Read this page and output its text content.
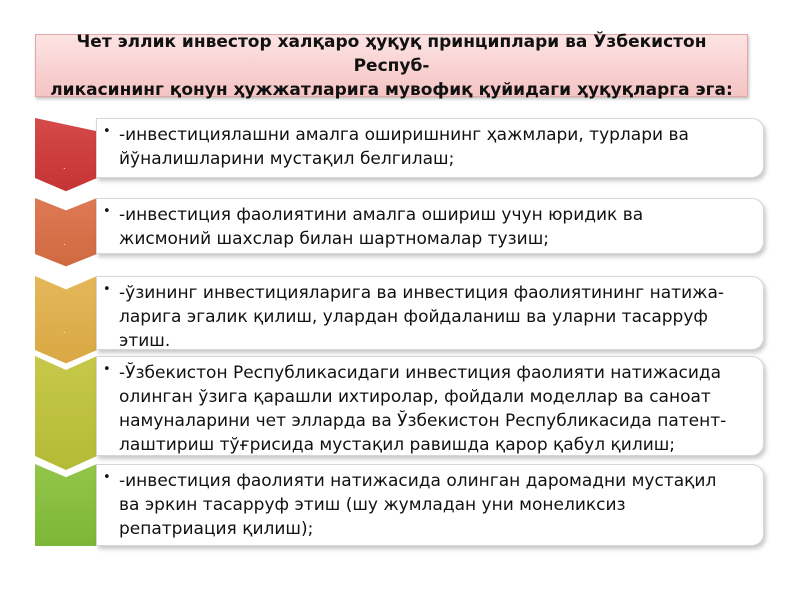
Чет эллик инвестор халқаро ҳуқуқ принциплари ва Ўзбекистон Респуб-
ликасининг қонун ҳужжатларига мувофиқ қуйидаги ҳуқуқларга эга:
.
• -инвестициялашни амалга оширишнинг ҳажмлари, турлари ва
йўналишларини мустақил белгилаш;
.
• -инвестиция фаолиятини амалга ошириш учун юридик ва
жисмоний шахслар билан шартномалар тузиш;
.
• -ўзининг инвестицияларига ва инвестиция фаолиятининг натижа-
ларига эгалик қилиш, улардан фойдаланиш ва уларни тасарруф
этиш.
• -Ўзбекистон Республикасидаги инвестиция фаолияти натижасида
олинган ўзига қарашли ихтиролар, фойдали моделлар ва саноат
намуналарини чет элларда ва Ўзбекистон Республикасида патент-
лаштириш тўғрисида мустақил равишда қарор қабул қилиш;
• -инвестиция фаолияти натижасида олинган даромадни мустақил
ва эркин тасарруф этиш (шу жумладан уни монеликсиз
репатриация қилиш);
